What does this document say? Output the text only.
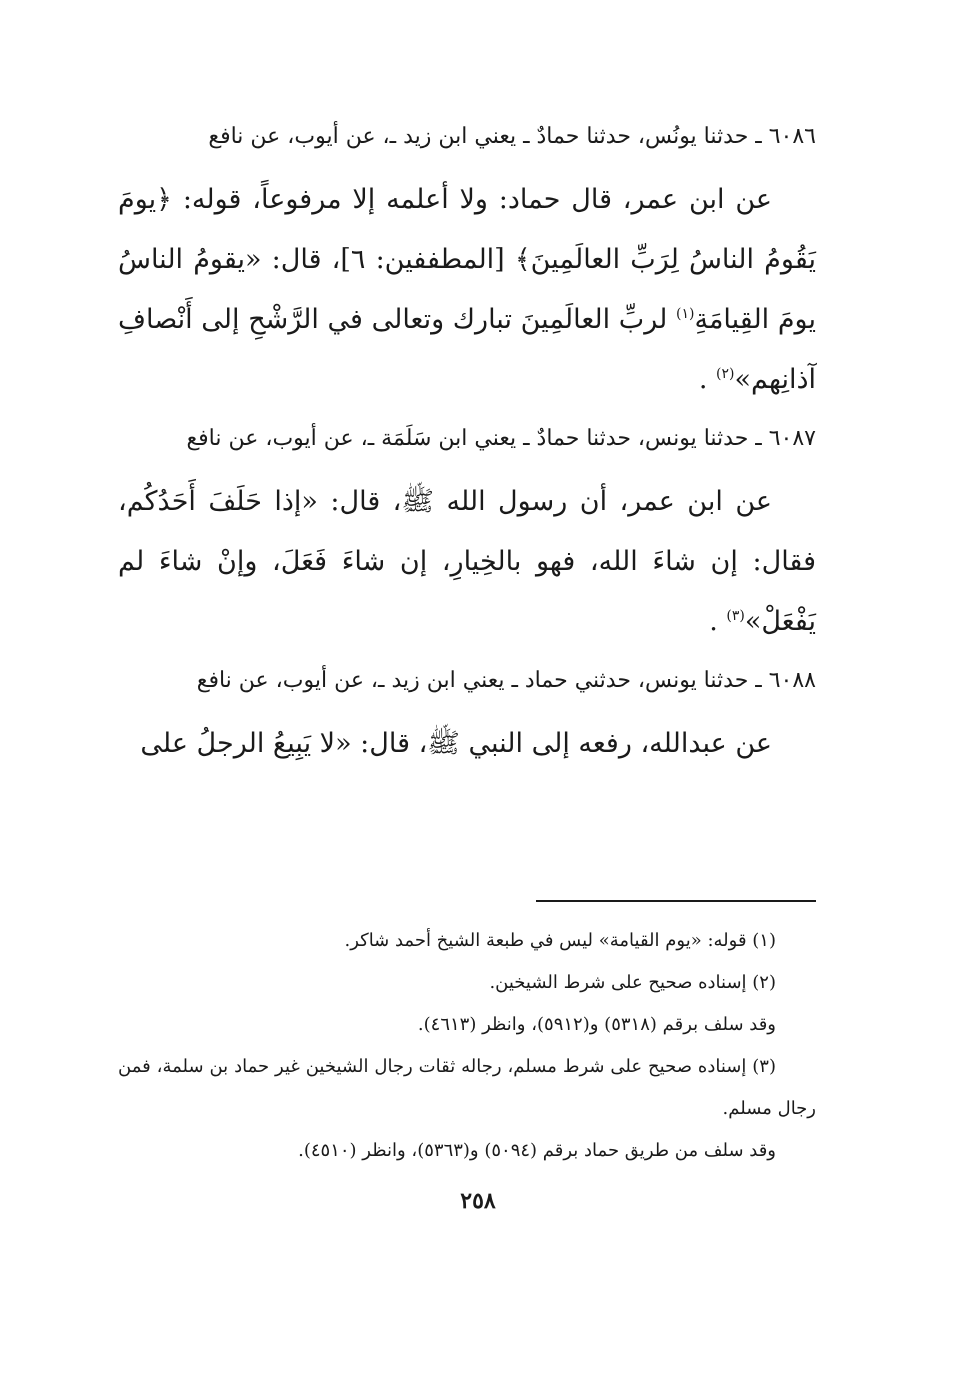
٦٠٨٦ ـ حدثنا يونُس، حدثنا حمادٌ ـ يعني ابن زيد ـ، عن أيوب، عن نافع

عن ابن عمر، قال حماد: ولا أعلمه إلا مرفوعاً، قوله: ﴿يومَ يَقُومُ الناسُ لِرَبِّ العالَمِينَ﴾ [المطففين: ٦]، قال: «يقومُ الناسُ يومَ القِيامَةِ$^{(١)}$ لربِّ العالَمِينَ تبارك وتعالى في الرَّشْحِ إلى أَنْصافِ آذانِهم»$^{(٢)}$ .

٦٠٨٧ ـ حدثنا يونس، حدثنا حمادٌ ـ يعني ابن سَلَمَة ـ، عن أيوب، عن نافع

عن ابن عمر، أن رسول الله ﷺ، قال: «إذا حَلَفَ أَحَدُكُم، فقال: إن شاءَ الله، فهو بالخِيارِ، إن شاءَ فَعَلَ، وإنْ شاءَ لم يَفْعَلْ»$^{(٣)}$ .

٦٠٨٨ ـ حدثنا يونس، حدثني حماد ـ يعني ابن زيد ـ، عن أيوب، عن نافع

عن عبدالله، رفعه إلى النبي ﷺ، قال: «لا يَبِيعُ الرجلُ على

(١) قوله: «يوم القيامة» ليس في طبعة الشيخ أحمد شاكر.

(٢) إسناده صحيح على شرط الشيخين.

وقد سلف برقم (٥٣١٨) و(٥٩١٢)، وانظر (٤٦١٣).

(٣) إسناده صحيح على شرط مسلم، رجاله ثقات رجال الشيخين غير حماد بن سلمة، فمن رجال مسلم.

وقد سلف من طريق حماد برقم (٥٠٩٤) و(٥٣٦٣)، وانظر (٤٥١٠).

٢٥٨
